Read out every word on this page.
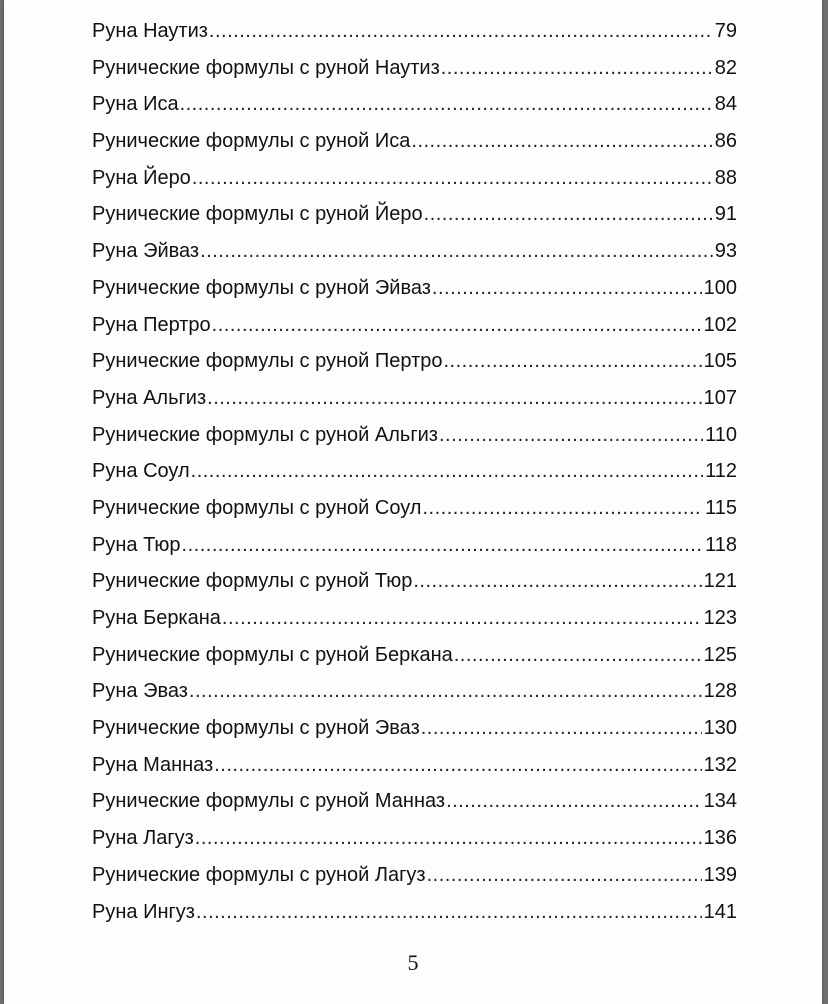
Руна Наутиз .....	79
Рунические формулы с руной Наутиз .....	82
Руна Иса .....	84
Рунические формулы с руной Иса .....	86
Руна Йеро .....	88
Рунические формулы с руной Йеро .....	91
Руна Эйваз .....	93
Рунические формулы с руной Эйваз .....	100
Руна Пертро .....	102
Рунические формулы с руной Пертро .....	105
Руна Альгиз .....	107
Рунические формулы с руной Альгиз .....	110
Руна Соул .....	112
Рунические формулы с руной Соул .....	115
Руна Тюр .....	118
Рунические формулы с руной Тюр .....	121
Руна Беркана .....	123
Рунические формулы с руной Беркана .....	125
Руна Эваз .....	128
Рунические формулы с руной Эваз .....	130
Руна Манназ .....	132
Рунические формулы с руной Манназ .....	134
Руна Лагуз .....	136
Рунические формулы с руной Лагуз .....	139
Руна Ингуз .....	141
5
